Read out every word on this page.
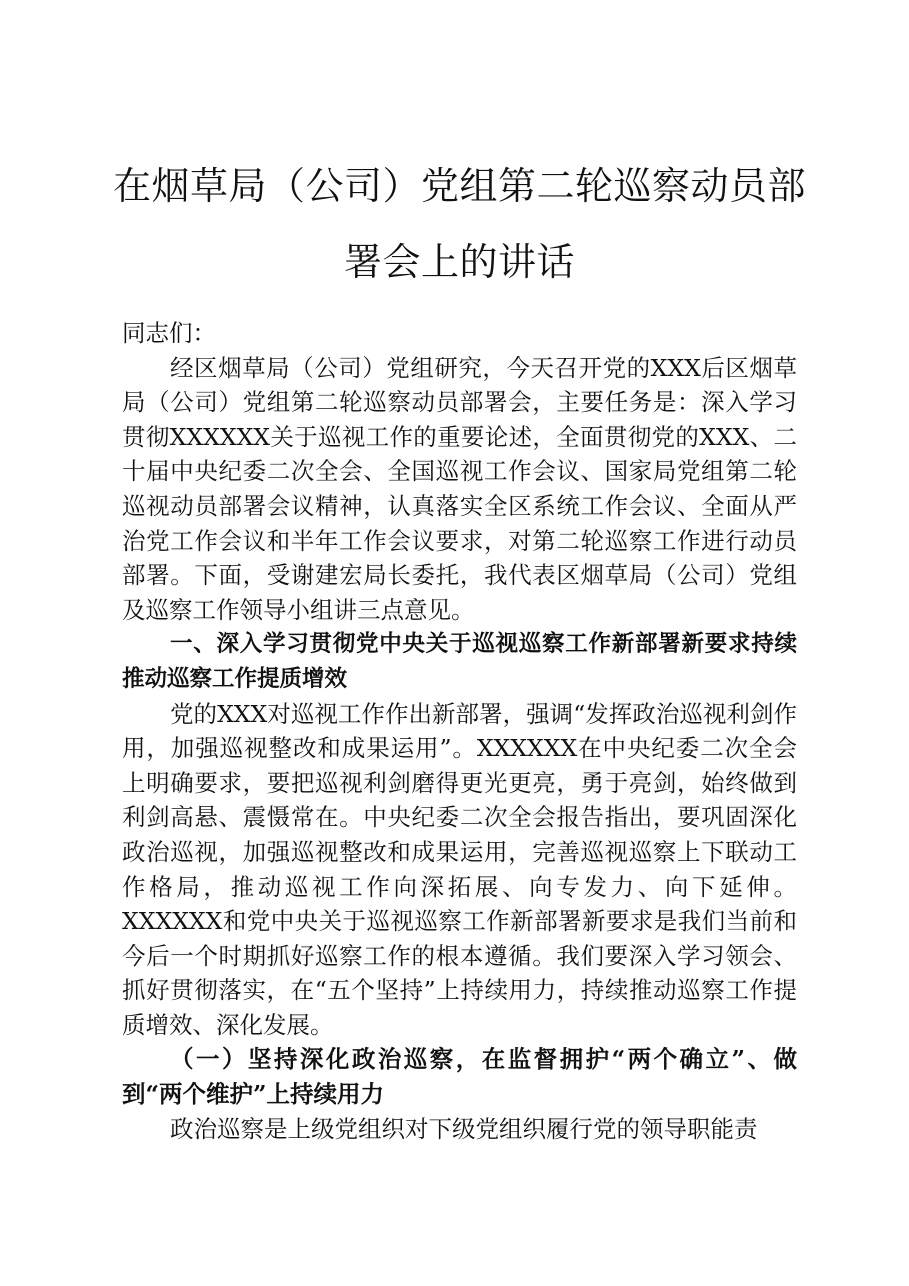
在烟草局（公司）党组第二轮巡察动员部署会上的讲话

同志们：

经区烟草局（公司）党组研究，今天召开党的XXX后区烟草局（公司）党组第二轮巡察动员部署会，主要任务是：深入学习贯彻XXXXXX关于巡视工作的重要论述，全面贯彻党的XXX、二十届中央纪委二次全会、全国巡视工作会议、国家局党组第二轮巡视动员部署会议精神，认真落实全区系统工作会议、全面从严治党工作会议和半年工作会议要求，对第二轮巡察工作进行动员部署。下面，受谢建宏局长委托，我代表区烟草局（公司）党组及巡察工作领导小组讲三点意见。

一、深入学习贯彻党中央关于巡视巡察工作新部署新要求持续推动巡察工作提质增效

党的XXX对巡视工作作出新部署，强调“发挥政治巡视利剑作用，加强巡视整改和成果运用”。XXXXXX在中央纪委二次全会上明确要求，要把巡视利剑磨得更光更亮，勇于亮剑，始终做到利剑高悬、震慑常在。中央纪委二次全会报告指出，要巩固深化政治巡视，加强巡视整改和成果运用，完善巡视巡察上下联动工作格局，推动巡视工作向深拓展、向专发力、向下延伸。XXXXXX和党中央关于巡视巡察工作新部署新要求是我们当前和今后一个时期抓好巡察工作的根本遵循。我们要深入学习领会、抓好贯彻落实，在“五个坚持”上持续用力，持续推动巡察工作提质增效、深化发展。

（一）坚持深化政治巡察，在监督拥护“两个确立”、做到“两个维护”上持续用力

政治巡察是上级党组织对下级党组织履行党的领导职能责
